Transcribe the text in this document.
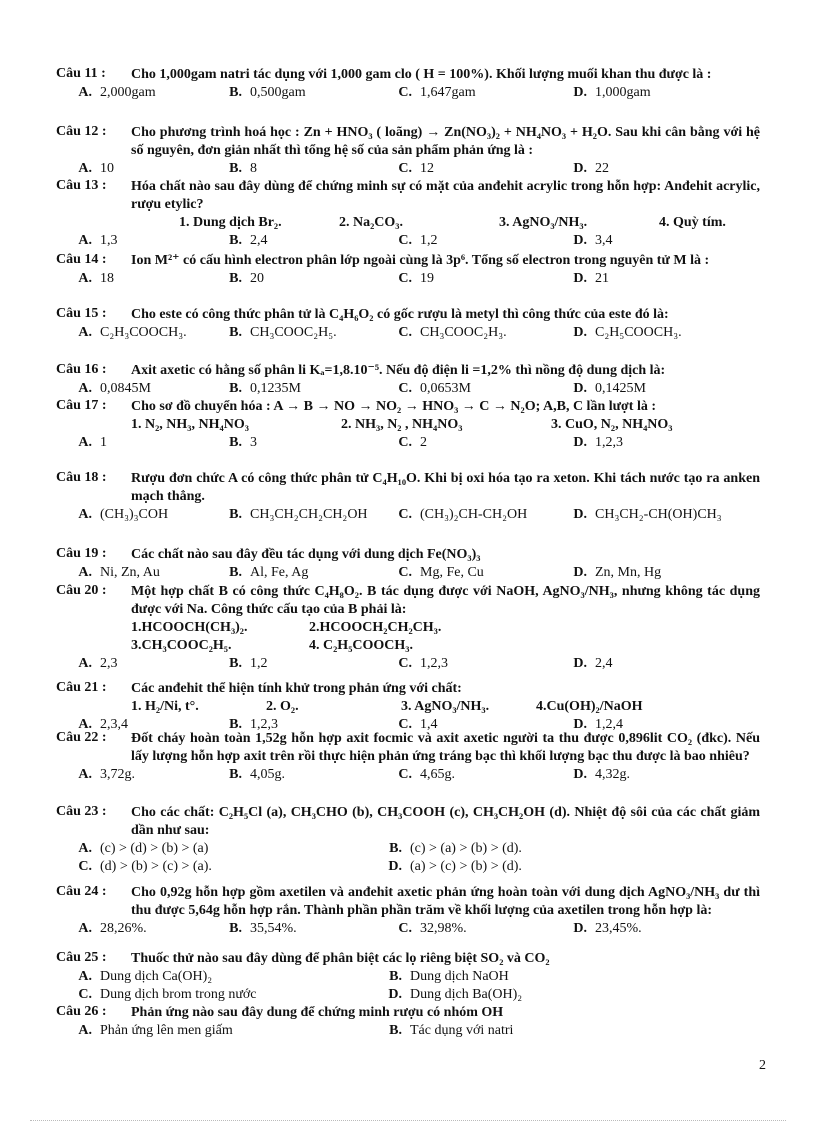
Câu 11 :	Cho 1,000gam natri tác dụng với 1,000 gam clo ( H = 100%). Khối lượng muối khan thu được là :
A. 2,000gam	B. 0,500gam	C. 1,647gam	D. 1,000gam
Câu 12 :	Cho phương trình hoá học : Zn + HNO₃ ( loãng) → Zn(NO₃)₂ + NH₄NO₃ + H₂O. Sau khi cân bằng với hệ số nguyên, đơn giản nhất thì tổng hệ số của sản phẩm phản ứng là :
A. 10	B. 8	C. 12	D. 22
Câu 13 :	Hóa chất nào sau đây dùng để chứng minh sự có mặt của anđehit acrylic trong hỗn hợp: Anđehit acrylic, rượu etylic?
1. Dung dịch Br₂.	2. Na₂CO₃.	3. AgNO₃/NH₃.	4. Quỳ tím.
A. 1,3	B. 2,4	C. 1,2	D. 3,4
Câu 14 :	Ion M²⁺ có cấu hình electron phân lớp ngoài cùng là 3p⁶. Tổng số electron trong nguyên tử M là :
A. 18	B. 20	C. 19	D. 21
Câu 15 :	Cho este có công thức phân tử là C₄H₆O₂ có gốc rượu là metyl thì công thức của este đó là:
A. C₂H₃COOCH₃.	B. CH₃COOC₂H₅.	C. CH₃COOC₂H₃.	D. C₂H₅COOCH₃.
Câu 16 :	Axit axetic có hằng số phân li Kₐ=1,8.10⁻⁵. Nếu độ điện li =1,2% thì nồng độ dung dịch là:
A. 0,0845M	B. 0,1235M	C. 0,0653M	D. 0,1425M
Câu 17 :	Cho sơ đồ chuyển hóa : A → B → NO → NO₂ → HNO₃ → C → N₂O; A,B, C lần lượt là :
1. N₂, NH₃, NH₄NO₃	2. NH₃, N₂ , NH₄NO₃	3. CuO, N₂, NH₄NO₃
A. 1	B. 3	C. 2	D. 1,2,3
Câu 18 :	Rượu đơn chức A có công thức phân tử C₄H₁₀O. Khi bị oxi hóa tạo ra xeton. Khi tách nước tạo ra anken mạch thẳng.
A. (CH₃)₃COH	B. CH₃CH₂CH₂CH₂OH	C. (CH₃)₂CH-CH₂OH	D. CH₃CH₂-CH(OH)CH₃
Câu 19 :	Các chất nào sau đây đều tác dụng với dung dịch Fe(NO₃)₃
A. Ni, Zn, Au	B. Al, Fe, Ag	C. Mg, Fe, Cu	D. Zn, Mn, Hg
Câu 20 :	Một hợp chất B có công thức C₄H₈O₂. B tác dụng được với NaOH, AgNO₃/NH₃, nhưng không tác dụng được với Na. Công thức cấu tạo của B phải là:
1.HCOOCH(CH₃)₂.	2.HCOOCH₂CH₂CH₃.
3.CH₃COOC₂H₅.	4. C₂H₅COOCH₃.
A. 2,3	B. 1,2	C. 1,2,3	D. 2,4
Câu 21 :	Các anđehit thể hiện tính khử trong phản ứng với chất:
1. H₂/Ni, t°.	2. O₂.	3. AgNO₃/NH₃.	4.Cu(OH)₂/NaOH
A. 2,3,4	B. 1,2,3	C. 1,4	D. 1,2,4
Câu 22 :	Đốt cháy hoàn toàn 1,52g hỗn hợp axit focmic và axit axetic người ta thu được 0,896lit CO₂ (đkc). Nếu lấy lượng hỗn hợp axit trên rồi thực hiện phản ứng tráng bạc thì khối lượng bạc thu được là bao nhiêu?
A. 3,72g.	B. 4,05g.	C. 4,65g.	D. 4,32g.
Câu 23 :	Cho các chất: C₂H₅Cl (a), CH₃CHO (b), CH₃COOH (c), CH₃CH₂OH (d). Nhiệt độ sôi của các chất giảm dần như sau:
A. (c) > (d) > (b) > (a)	B. (c) > (a) > (b) > (d).
C. (d) > (b) > (c) > (a).	D. (a) > (c) > (b) > (d).
Câu 24 :	Cho 0,92g hỗn hợp gồm axetilen và anđehit axetic phản ứng hoàn toàn với dung dịch AgNO₃/NH₃ dư thì thu được 5,64g hỗn hợp rắn. Thành phần phần trăm về khối lượng của axetilen trong hỗn hợp là:
A. 28,26%.	B. 35,54%.	C. 32,98%.	D. 23,45%.
Câu 25 :	Thuốc thử nào sau đây dùng để phân biệt các lọ riêng biệt SO₂ và CO₂
A. Dung dịch Ca(OH)₂	B. Dung dịch NaOH
C. Dung dịch brom trong nước	D. Dung dịch Ba(OH)₂
Câu 26 :	Phản ứng nào sau đây dung để chứng minh rượu có nhóm OH
A. Phản ứng lên men giấm	B. Tác dụng với natri
2
